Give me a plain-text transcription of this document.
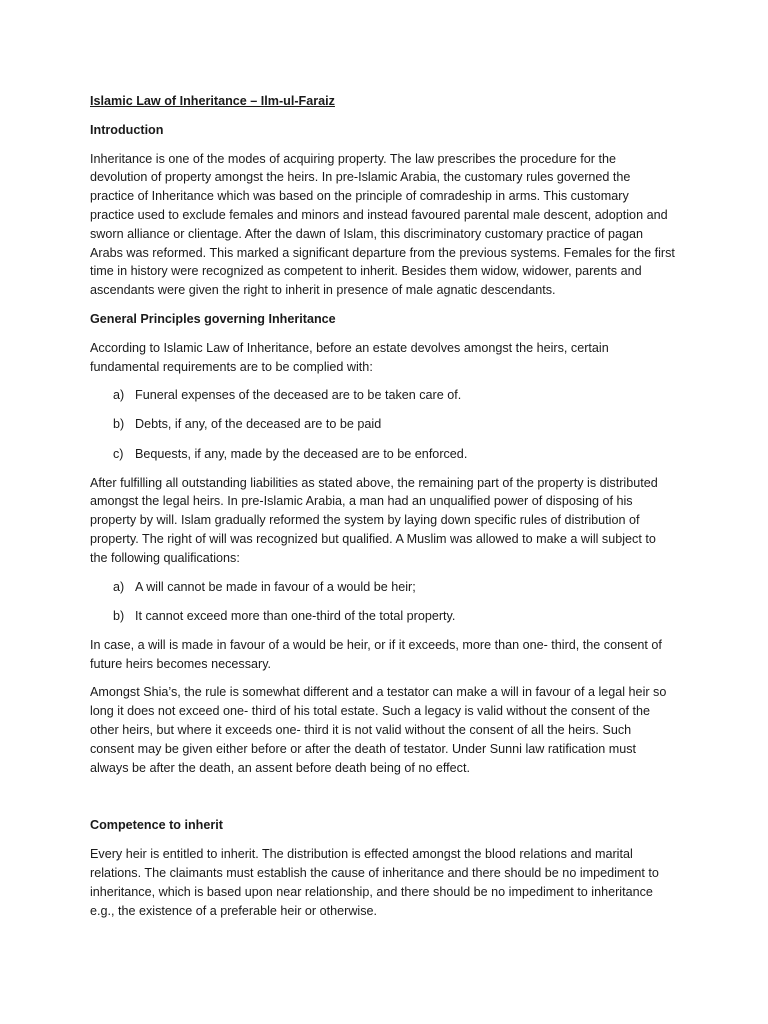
Islamic Law of Inheritance – Ilm-ul-Faraiz
Introduction

Inheritance is one of the modes of acquiring property. The law prescribes the procedure for the devolution of property amongst the heirs. In pre-Islamic Arabia, the customary rules governed the practice of Inheritance which was based on the principle of comradeship in arms. This customary practice used to exclude females and minors and instead favoured parental male descent, adoption and sworn alliance or clientage. After the dawn of Islam, this discriminatory customary practice of pagan Arabs was reformed. This marked a significant departure from the previous systems. Females for the first time in history were recognized as competent to inherit. Besides them widow, widower, parents and ascendants were given the right to inherit in presence of male agnatic descendants.

General Principles governing Inheritance

According to Islamic Law of Inheritance, before an estate devolves amongst the heirs, certain fundamental requirements are to be complied with:

a) Funeral expenses of the deceased are to be taken care of.
b) Debts, if any, of the deceased are to be paid
c) Bequests, if any, made by the deceased are to be enforced.

After fulfilling all outstanding liabilities as stated above, the remaining part of the property is distributed amongst the legal heirs. In pre-Islamic Arabia, a man had an unqualified power of disposing of his property by will. Islam gradually reformed the system by laying down specific rules of distribution of property. The right of will was recognized but qualified. A Muslim was allowed to make a will subject to the following qualifications:

a) A will cannot be made in favour of a would be heir;
b) It cannot exceed more than one-third of the total property.

In case, a will is made in favour of a would be heir, or if it exceeds, more than one- third, the consent of future heirs becomes necessary.

Amongst Shia’s, the rule is somewhat different and a testator can make a will in favour of a legal heir so long it does not exceed one- third of his total estate. Such a legacy is valid without the consent of the other heirs, but where it exceeds one- third it is not valid without the consent of all the heirs. Such consent may be given either before or after the death of testator. Under Sunni law ratification must always be after the death, an assent before death being of no effect.

Competence to inherit

Every heir is entitled to inherit. The distribution is effected amongst the blood relations and marital relations. The claimants must establish the cause of inheritance and there should be no impediment to inheritance, which is based upon near relationship, and there should be no impediment to inheritance e.g., the existence of a preferable heir or otherwise.
